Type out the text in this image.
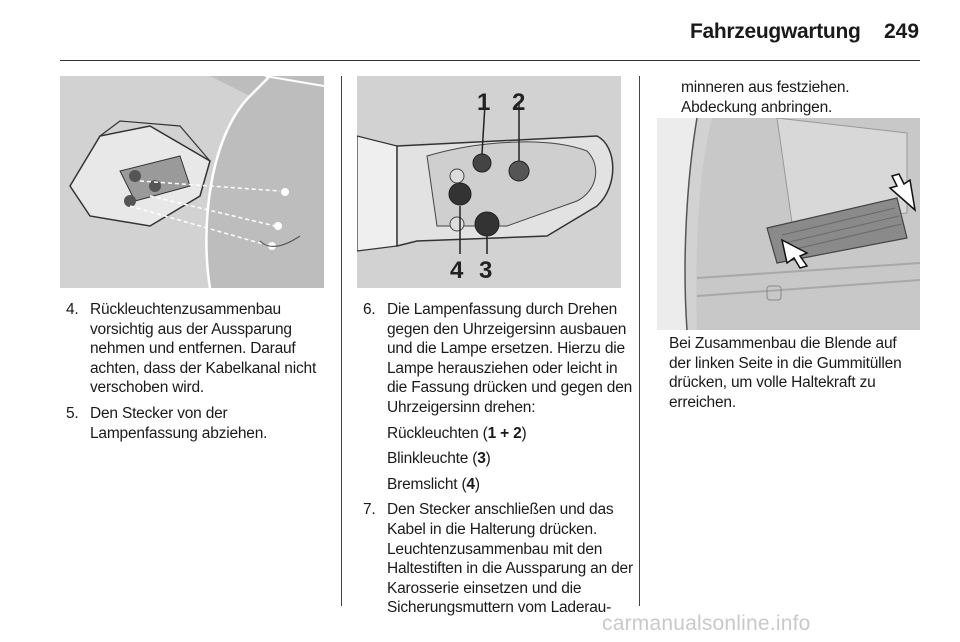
Fahrzeugwartung 249
4. Rückleuchtenzusammenbau vorsichtig aus der Aussparung nehmen und entfernen. Darauf achten, dass der Kabelkanal nicht verschoben wird.
5. Den Stecker von der Lampenfassung abziehen.
1 2
4 3
6. Die Lampenfassung durch Drehen gegen den Uhrzeigersinn ausbauen und die Lampe ersetzen. Hierzu die Lampe herausziehen oder leicht in die Fassung drücken und gegen den Uhrzeigersinn drehen:
Rückleuchten (1 + 2)
Blinkleuchte (3)
Bremslicht (4)
7. Den Stecker anschließen und das Kabel in die Halterung drücken. Leuchtenzusammenbau mit den Haltestiften in die Aussparung an der Karosserie einsetzen und die Sicherungsmuttern vom Laderau-
minneren aus festziehen. Abdeckung anbringen.
Bei Zusammenbau die Blende auf der linken Seite in die Gummitüllen drücken, um volle Haltekraft zu erreichen.
carmanualsonline.info
